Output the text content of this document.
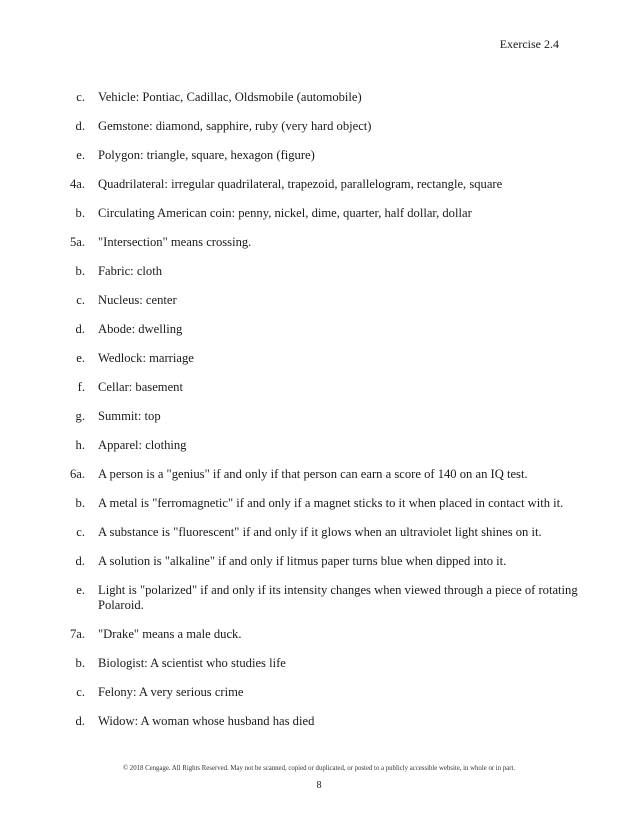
Exercise 2.4
c. Vehicle: Pontiac, Cadillac, Oldsmobile (automobile)
d. Gemstone: diamond, sapphire, ruby (very hard object)
e. Polygon: triangle, square, hexagon (figure)
4a. Quadrilateral: irregular quadrilateral, trapezoid, parallelogram, rectangle, square
b. Circulating American coin: penny, nickel, dime, quarter, half dollar, dollar
5a. "Intersection" means crossing.
b. Fabric: cloth
c. Nucleus: center
d. Abode: dwelling
e. Wedlock: marriage
f. Cellar: basement
g. Summit: top
h. Apparel: clothing
6a. A person is a "genius" if and only if that person can earn a score of 140 on an IQ test.
b. A metal is "ferromagnetic" if and only if a magnet sticks to it when placed in contact with it.
c. A substance is "fluorescent" if and only if it glows when an ultraviolet light shines on it.
d. A solution is "alkaline" if and only if litmus paper turns blue when dipped into it.
e. Light is "polarized" if and only if its intensity changes when viewed through a piece of rotating Polaroid.
7a. "Drake" means a male duck.
b. Biologist: A scientist who studies life
c. Felony: A very serious crime
d. Widow: A woman whose husband has died
© 2018 Cengage. All Rights Reserved. May not be scanned, copied or duplicated, or posted to a publicly accessible website, in whole or in part.
8
